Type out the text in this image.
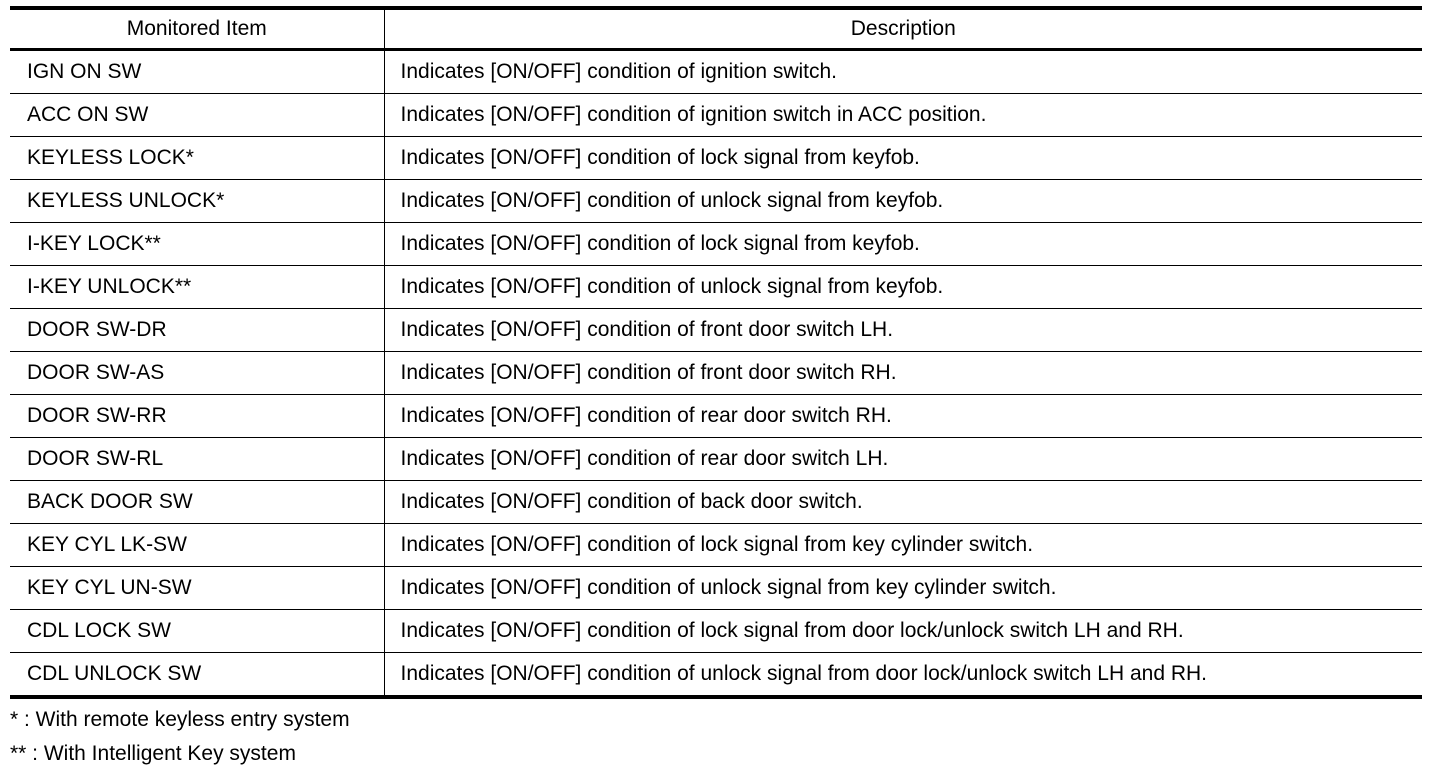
Monitored Item	Description
IGN ON SW	Indicates [ON/OFF] condition of ignition switch.
ACC ON SW	Indicates [ON/OFF] condition of ignition switch in ACC position.
KEYLESS LOCK*	Indicates [ON/OFF] condition of lock signal from keyfob.
KEYLESS UNLOCK*	Indicates [ON/OFF] condition of unlock signal from keyfob.
I-KEY LOCK**	Indicates [ON/OFF] condition of lock signal from keyfob.
I-KEY UNLOCK**	Indicates [ON/OFF] condition of unlock signal from keyfob.
DOOR SW-DR	Indicates [ON/OFF] condition of front door switch LH.
DOOR SW-AS	Indicates [ON/OFF] condition of front door switch RH.
DOOR SW-RR	Indicates [ON/OFF] condition of rear door switch RH.
DOOR SW-RL	Indicates [ON/OFF] condition of rear door switch LH.
BACK DOOR SW	Indicates [ON/OFF] condition of back door switch.
KEY CYL LK-SW	Indicates [ON/OFF] condition of lock signal from key cylinder switch.
KEY CYL UN-SW	Indicates [ON/OFF] condition of unlock signal from key cylinder switch.
CDL LOCK SW	Indicates [ON/OFF] condition of lock signal from door lock/unlock switch LH and RH.
CDL UNLOCK SW	Indicates [ON/OFF] condition of unlock signal from door lock/unlock switch LH and RH.
* : With remote keyless entry system
** : With Intelligent Key system
